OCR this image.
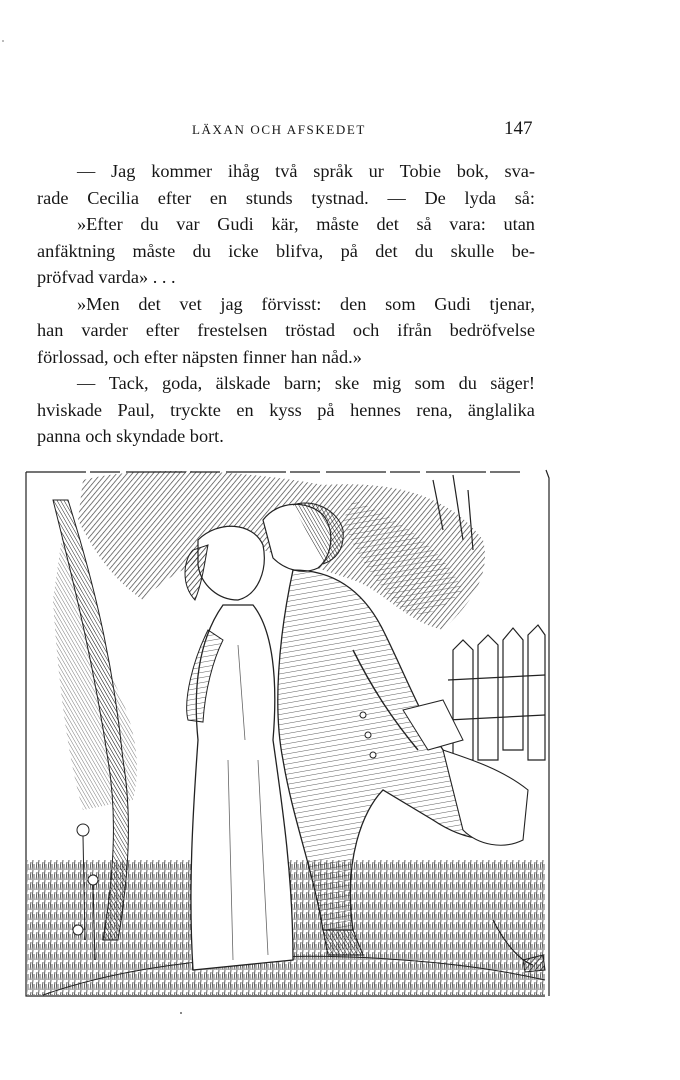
LÄXAN OCH AFSKEDET	147
— Jag kommer ihåg två språk ur Tobie bok, sva-
rade Cecilia efter en stunds tystnad. — De lyda så:
»Efter du var Gudi kär, måste det så vara: utan
anfäktning måste du icke blifva, på det du skulle be-
pröfvad varda» . . .
»Men det vet jag förvisst: den som Gudi tjenar,
han varder efter frestelsen tröstad och ifrån bedröfvelse
förlossad, och efter näpsten finner han nåd.»
— Tack, goda, älskade barn; ske mig som du säger!
hviskade Paul, tryckte en kyss på hennes rena, änglalika
panna och skyndade bort.
